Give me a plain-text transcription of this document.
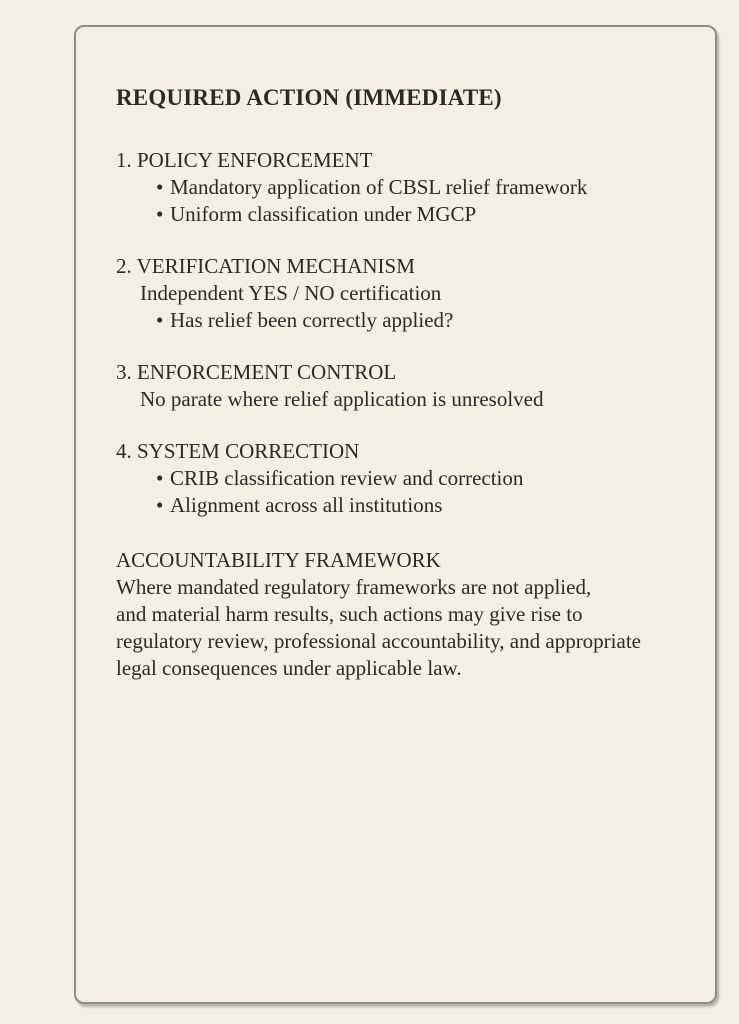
REQUIRED ACTION (IMMEDIATE)
1. POLICY ENFORCEMENT
• Mandatory application of CBSL relief framework
• Uniform classification under MGCP
2. VERIFICATION MECHANISM
Independent YES / NO certification
• Has relief been correctly applied?
3. ENFORCEMENT CONTROL
No parate where relief application is unresolved
4. SYSTEM CORRECTION
• CRIB classification review and correction
• Alignment across all institutions
ACCOUNTABILITY FRAMEWORK

Where mandated regulatory frameworks are not applied,

and material harm results, such actions may give rise to

regulatory review, professional accountability, and appropriate

legal consequences under applicable law.
